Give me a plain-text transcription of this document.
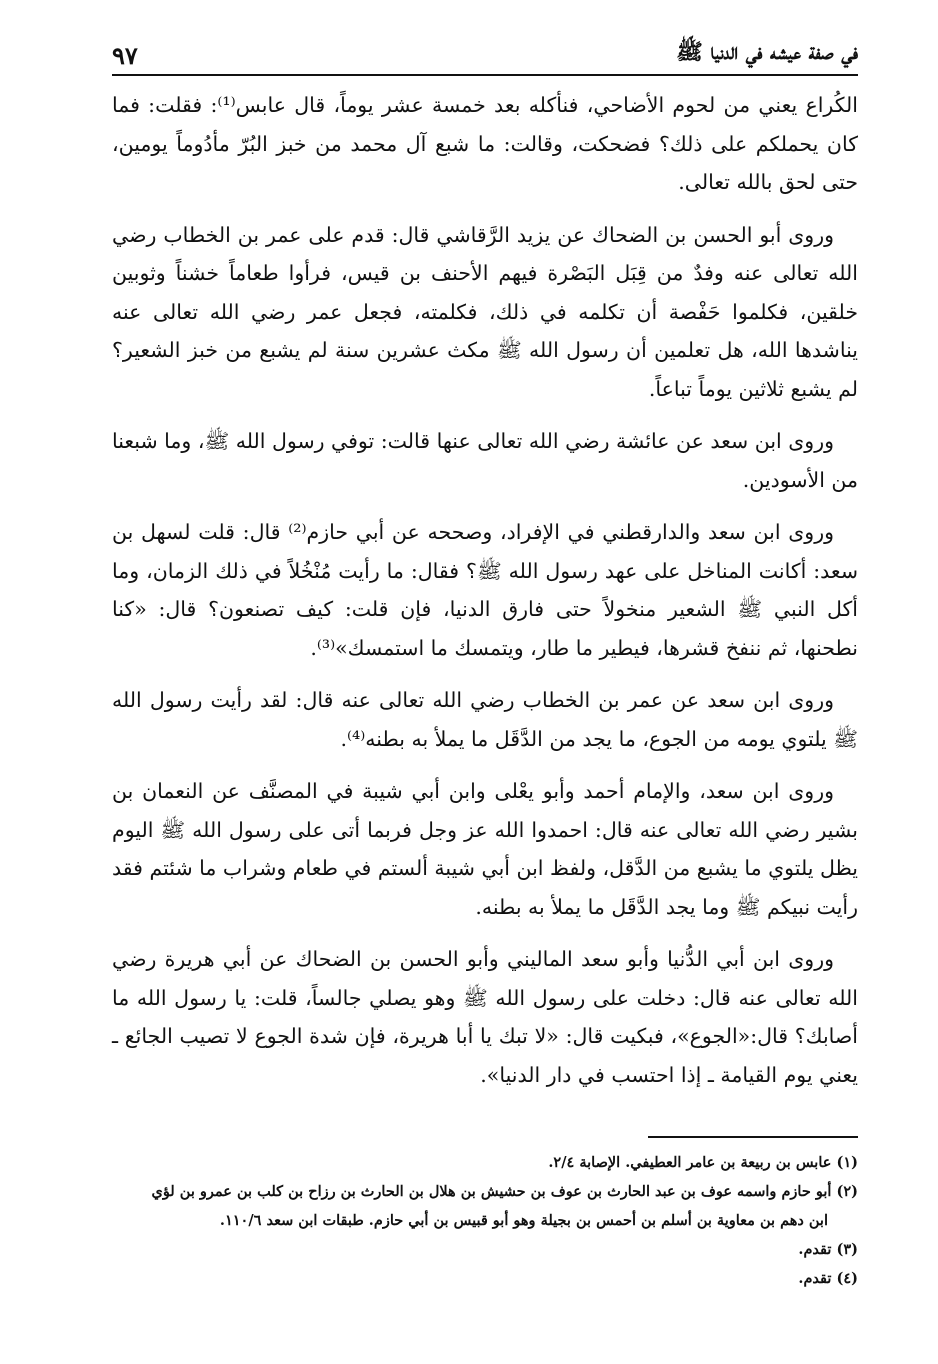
في صفة عيشه في الدنيا ﷺ
٩٧

الكُراع يعني من لحوم الأضاحي، فنأكله بعد خمسة عشر يوماً، قال عابس⁽¹⁾: فقلت: فما كان يحملكم على ذلك؟ فضحكت، وقالت: ما شبع آل محمد من خبز البُرّ مأدُوماً يومين، حتى لحق بالله تعالى.

وروى أبو الحسن بن الضحاك عن يزيد الرَّقاشي قال: قدم على عمر بن الخطاب رضي الله تعالى عنه وفدٌ من قِبَل البَصْرة فيهم الأحنف بن قيس، فرأوا طعاماً خشناً وثوبين خلقين، فكلموا حَفْصة أن تكلمه في ذلك، فكلمته، فجعل عمر رضي الله تعالى عنه يناشدها الله، هل تعلمين أن رسول الله ﷺ مكث عشرين سنة لم يشبع من خبز الشعير؟ لم يشبع ثلاثين يوماً تباعاً.

وروى ابن سعد عن عائشة رضي الله تعالى عنها قالت: توفي رسول الله ﷺ، وما شبعنا من الأسودين.

وروى ابن سعد والدارقطني في الإفراد، وصححه عن أبي حازم⁽²⁾ قال: قلت لسهل بن سعد: أكانت المناخل على عهد رسول الله ﷺ؟ فقال: ما رأيت مُنْخُلاً في ذلك الزمان، وما أكل النبي ﷺ الشعير منخولاً حتى فارق الدنيا، فإن قلت: كيف تصنعون؟ قال: «كنا نطحنها، ثم ننفخ قشرها، فيطير ما طار، ويتمسك ما استمسك»⁽³⁾.

وروى ابن سعد عن عمر بن الخطاب رضي الله تعالى عنه قال: لقد رأيت رسول الله ﷺ يلتوي يومه من الجوع، ما يجد من الدَّقَل ما يملأ به بطنه⁽⁴⁾.

وروى ابن سعد، والإمام أحمد وأبو يعْلى وابن أبي شيبة في المصنَّف عن النعمان بن بشير رضي الله تعالى عنه قال: احمدوا الله عز وجل فربما أتى على رسول الله ﷺ اليوم يظل يلتوي ما يشبع من الدَّقل، ولفظ ابن أبي شيبة ألستم في طعام وشراب ما شئتم فقد رأيت نبيكم ﷺ وما يجد الدَّقَل ما يملأ به بطنه.

وروى ابن أبي الدُّنيا وأبو سعد الماليني وأبو الحسن بن الضحاك عن أبي هريرة رضي الله تعالى عنه قال: دخلت على رسول الله ﷺ وهو يصلي جالساً، قلت: يا رسول الله ما أصابك؟ قال:«الجوع»، فبكيت قال: «لا تبك يا أبا هريرة، فإن شدة الجوع لا تصيب الجائع ـ يعني يوم القيامة ـ إذا احتسب في دار الدنيا».

(١) عابس بن ربيعة بن عامر العطيفي. الإصابة ٢/٤.

(٢) أبو حازم واسمه عوف بن عبد الحارث بن عوف بن حشيش بن هلال بن الحارث بن رزاح بن كلب بن عمرو بن لؤي

ابن دهم بن معاوية بن أسلم بن أحمس بن بجيلة وهو أبو قبيس بن أبي حازم. طبقات ابن سعد ١١٠/٦.

(٣) تقدم.

(٤) تقدم.
